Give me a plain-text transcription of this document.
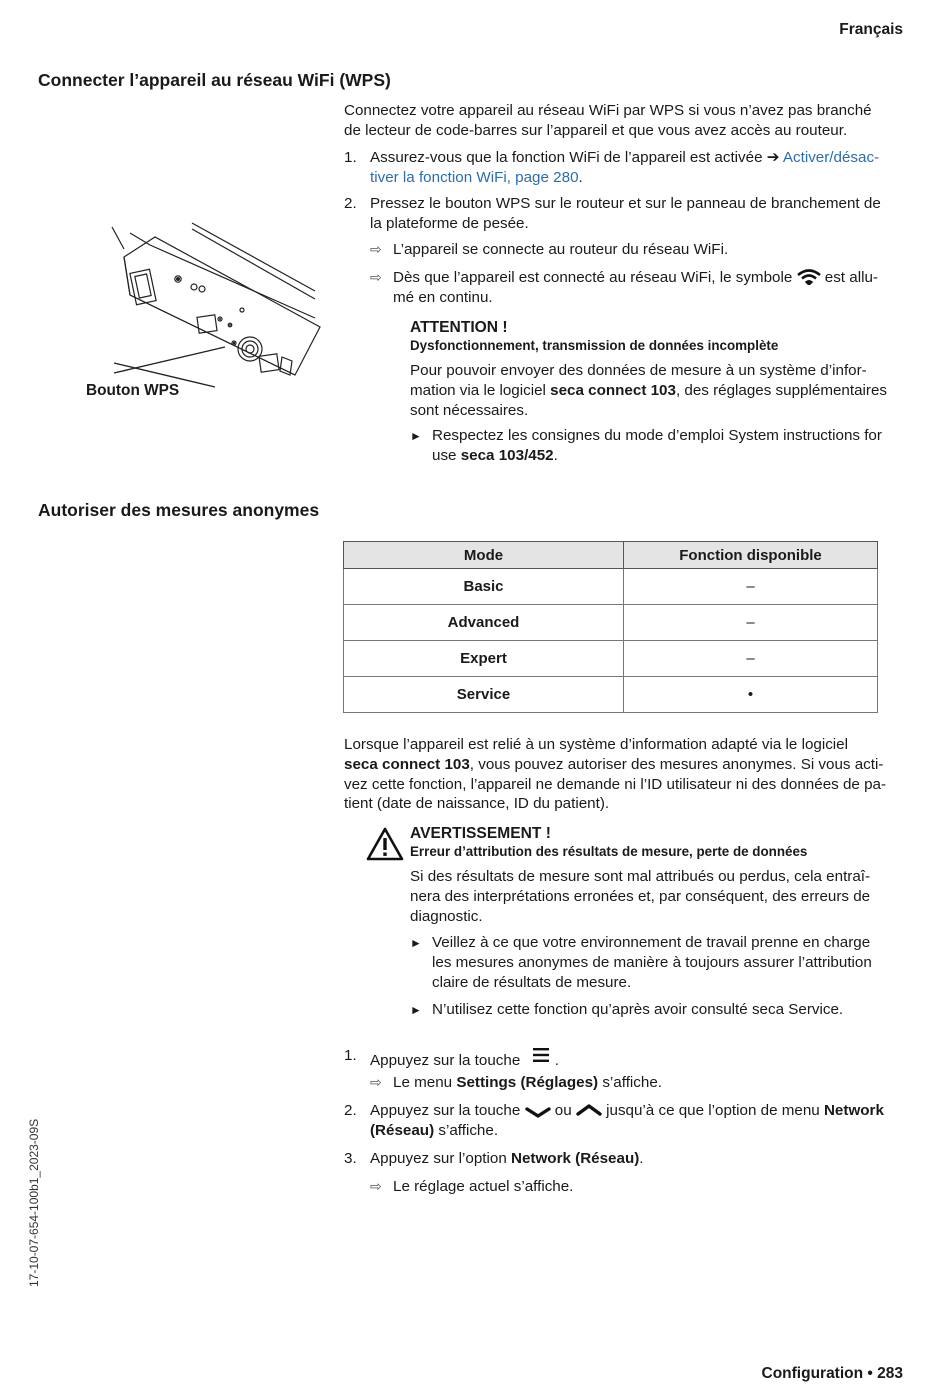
Français
Connecter l’appareil au réseau WiFi (WPS)
Bouton WPS
Connectez votre appareil au réseau WiFi par WPS si vous n’avez pas branché
de lecteur de code-barres sur l’appareil et que vous avez accès au routeur.
1. Assurez-vous que la fonction WiFi de l’appareil est activée ➔ Activer/désac-
tiver la fonction WiFi, page 280.
2. Pressez le bouton WPS sur le routeur et sur le panneau de branchement de
la plateforme de pesée.
⇨ L’appareil se connecte au routeur du réseau WiFi.
⇨ Dès que l’appareil est connecté au réseau WiFi, le symbole est allu-
mé en continu.
ATTENTION !
Dysfonctionnement, transmission de données incomplète
Pour pouvoir envoyer des données de mesure à un système d’infor-
mation via le logiciel seca connect 103, des réglages supplémentaires
sont nécessaires.
► Respectez les consignes du mode d’emploi System instructions for
use seca 103/452.
Autoriser des mesures anonymes
Mode	Fonction disponible
Basic	–
Advanced	–
Expert	–
Service	•
Lorsque l’appareil est relié à un système d’information adapté via le logiciel
seca connect 103, vous pouvez autoriser des mesures anonymes. Si vous acti-
vez cette fonction, l’appareil ne demande ni l’ID utilisateur ni des données de pa-
tient (date de naissance, ID du patient).
AVERTISSEMENT !
Erreur d’attribution des résultats de mesure, perte de données
Si des résultats de mesure sont mal attribués ou perdus, cela entraî-
nera des interprétations erronées et, par conséquent, des erreurs de
diagnostic.
► Veillez à ce que votre environnement de travail prenne en charge
les mesures anonymes de manière à toujours assurer l’attribution
claire de résultats de mesure.
► N’utilisez cette fonction qu’après avoir consulté seca Service.
1. Appuyez sur la touche .
⇨ Le menu Settings (Réglages) s’affiche.
2. Appuyez sur la touche ou jusqu’à ce que l’option de menu Network
(Réseau) s’affiche.
3. Appuyez sur l’option Network (Réseau).
⇨ Le réglage actuel s’affiche.
17-10-07-654-100b1_2023-09S
Configuration • 283
